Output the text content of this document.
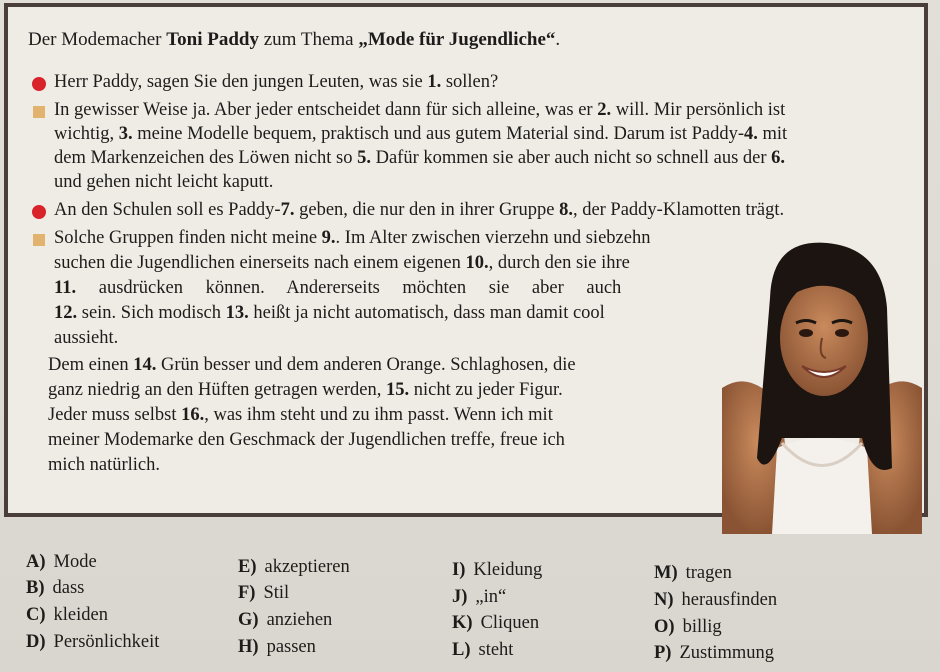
Der Modemacher Toni Paddy zum Thema „Mode für Jugendliche“.
Herr Paddy, sagen Sie den jungen Leuten, was sie 1. sollen?
In gewisser Weise ja. Aber jeder entscheidet dann für sich alleine, was er 2. will. Mir persönlich ist
wichtig, 3. meine Modelle bequem, praktisch und aus gutem Material sind. Darum ist Paddy-4. mit
dem Markenzeichen des Löwen nicht so 5. Dafür kommen sie aber auch nicht so schnell aus der 6.
und gehen nicht leicht kaputt.
An den Schulen soll es Paddy-7. geben, die nur den in ihrer Gruppe 8., der Paddy-Klamotten trägt.
Solche Gruppen finden nicht meine 9.. Im Alter zwischen vierzehn und siebzehn
suchen die Jugendlichen einerseits nach einem eigenen 10., durch den sie ihre
11. ausdrücken können. Andererseits möchten sie aber auch
12. sein. Sich modisch 13. heißt ja nicht automatisch, dass man damit cool
aussieht.
Dem einen 14. Grün besser und dem anderen Orange. Schlaghosen, die
ganz niedrig an den Hüften getragen werden, 15. nicht zu jeder Figur.
Jeder muss selbst 16., was ihm steht und zu ihm passt. Wenn ich mit
meiner Modemarke den Geschmack der Jugendlichen treffe, freue ich
mich natürlich.
A) Mode
B) dass
C) kleiden
D) Persönlichkeit
E) akzeptieren
F) Stil
G) anziehen
H) passen
I) Kleidung
J) „in“
K) Cliquen
L) steht
M) tragen
N) herausfinden
O) billig
P) Zustimmung
